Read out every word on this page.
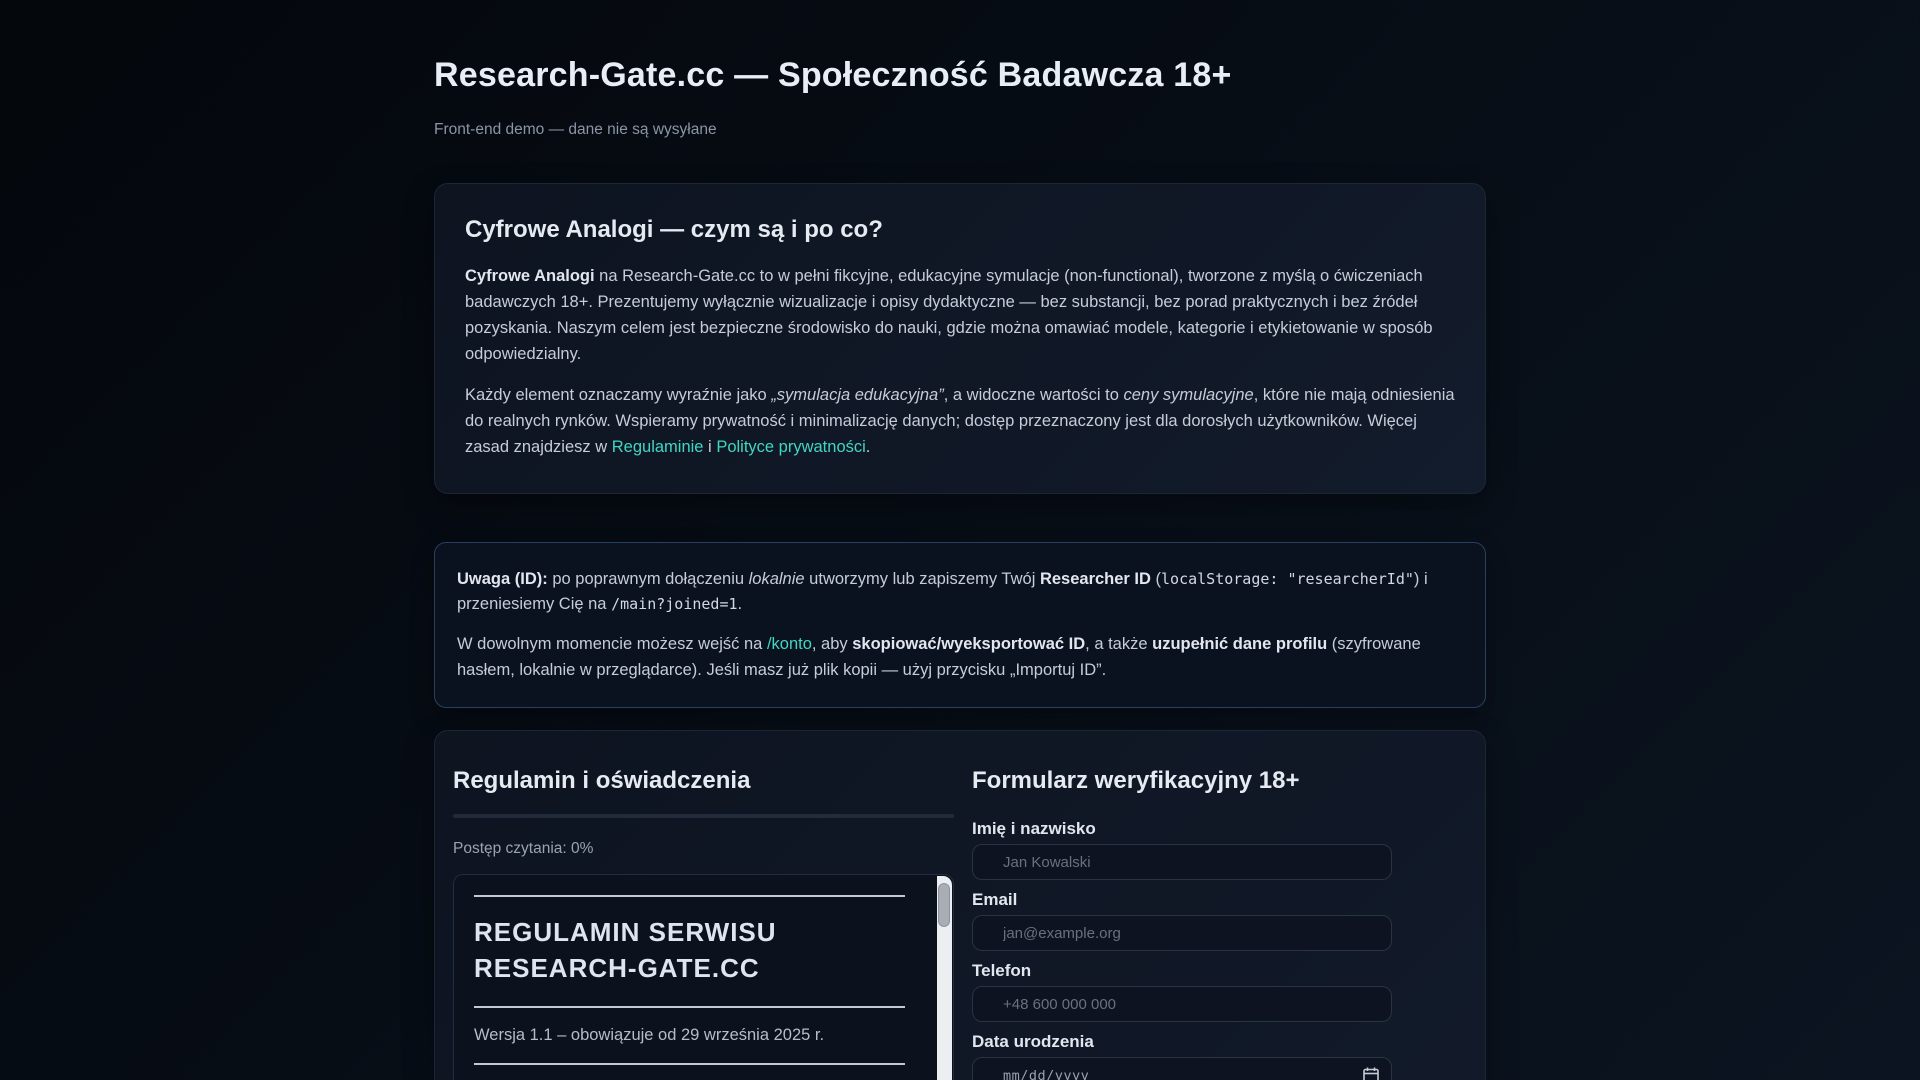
Research-Gate.cc — Społeczność Badawcza 18+

Front-end demo — dane nie są wysyłane

Cyfrowe Analogi — czym są i po co?

Cyfrowe Analogi na Research-Gate.cc to w pełni fikcyjne, edukacyjne symulacje (non-functional), tworzone z myślą o ćwiczeniach badawczych 18+. Prezentujemy wyłącznie wizualizacje i opisy dydaktyczne — bez substancji, bez porad praktycznych i bez źródeł pozyskania. Naszym celem jest bezpieczne środowisko do nauki, gdzie można omawiać modele, kategorie i etykietowanie w sposób odpowiedzialny.

Każdy element oznaczamy wyraźnie jako „symulacja edukacyjna”, a widoczne wartości to ceny symulacyjne, które nie mają odniesienia do realnych rynków. Wspieramy prywatność i minimalizację danych; dostęp przeznaczony jest dla dorosłych użytkowników. Więcej zasad znajdziesz w Regulaminie i Polityce prywatności.

Uwaga (ID): po poprawnym dołączeniu lokalnie utworzymy lub zapiszemy Twój Researcher ID (localStorage: "researcherId") i przeniesiemy Cię na /main?joined=1.

W dowolnym momencie możesz wejść na /konto, aby skopiować/wyeksportować ID, a także uzupełnić dane profilu (szyfrowane hasłem, lokalnie w przeglądarce). Jeśli masz już plik kopii — użyj przycisku „Importuj ID”.

Regulamin i oświadczenia
Postęp czytania: 0%
REGULAMIN SERWISU RESEARCH-GATE.CC

Wersja 1.1 – obowiązuje od 29 września 2025 r.

Formularz weryfikacyjny 18+
Imię i nazwisko
Jan Kowalski
Email
jan@example.org
Telefon
+48 600 000 000
Data urodzenia
mm/dd/yyyy
